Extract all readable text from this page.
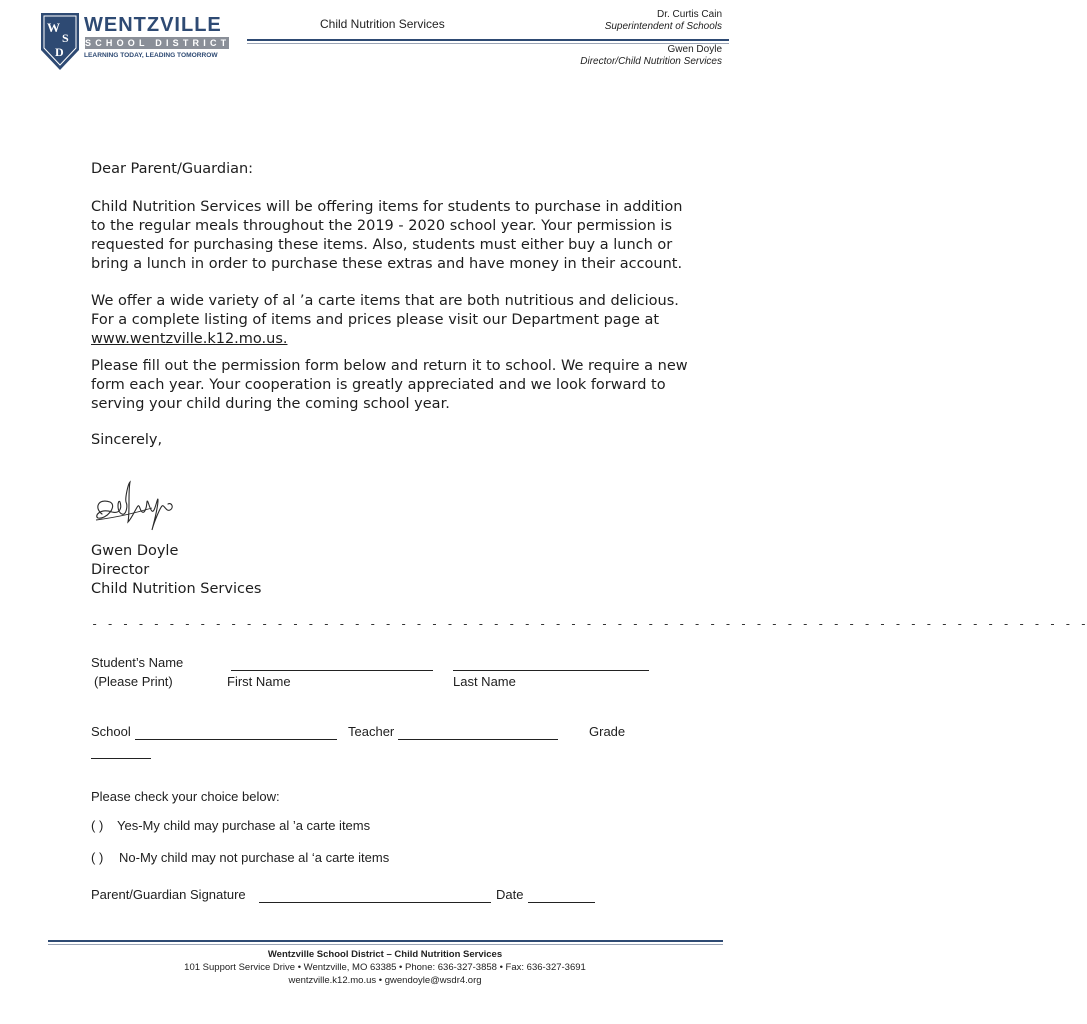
W
S
D
WENTZVILLE
SCHOOL DISTRICT
LEARNING TODAY, LEADING TOMORROW
Child Nutrition Services
Dr. Curtis Cain
Superintendent of Schools
Gwen Doyle
Director/Child Nutrition Services

Dear Parent/Guardian:

Child Nutrition Services will be offering items for students to purchase in addition to the regular meals throughout the 2019 - 2020 school year. Your permission is requested for purchasing these items. Also, students must either buy a lunch or bring a lunch in order to purchase these extras and have money in their account.

We offer a wide variety of al ’a carte items that are both nutritious and delicious. For a complete listing of items and prices please visit our Department page at
www.wentzville.k12.mo.us.

Please fill out the permission form below and return it to school. We require a new form each year. Your cooperation is greatly appreciated and we look forward to serving your child during the coming school year.

Sincerely,

Gwen Doyle
Director
Child Nutrition Services
- - - - - - - - - - - - - - - - - - - - - - - - - - - - - - - - - - - - - - - - - - - - - - - - - - - - - - - - - - - - - - - - -
Student’s Name
(Please Print)	First Name	Last Name
School	Teacher	Grade
Please check your choice below:
( ) Yes-My child may purchase al ’a carte items
( ) No-My child may not purchase al ‘a carte items
Parent/Guardian Signature	Date
Wentzville School District – Child Nutrition Services
101 Support Service Drive • Wentzville, MO 63385 • Phone: 636-327-3858 • Fax: 636-327-3691
wentzville.k12.mo.us • gwendoyle@wsdr4.org
